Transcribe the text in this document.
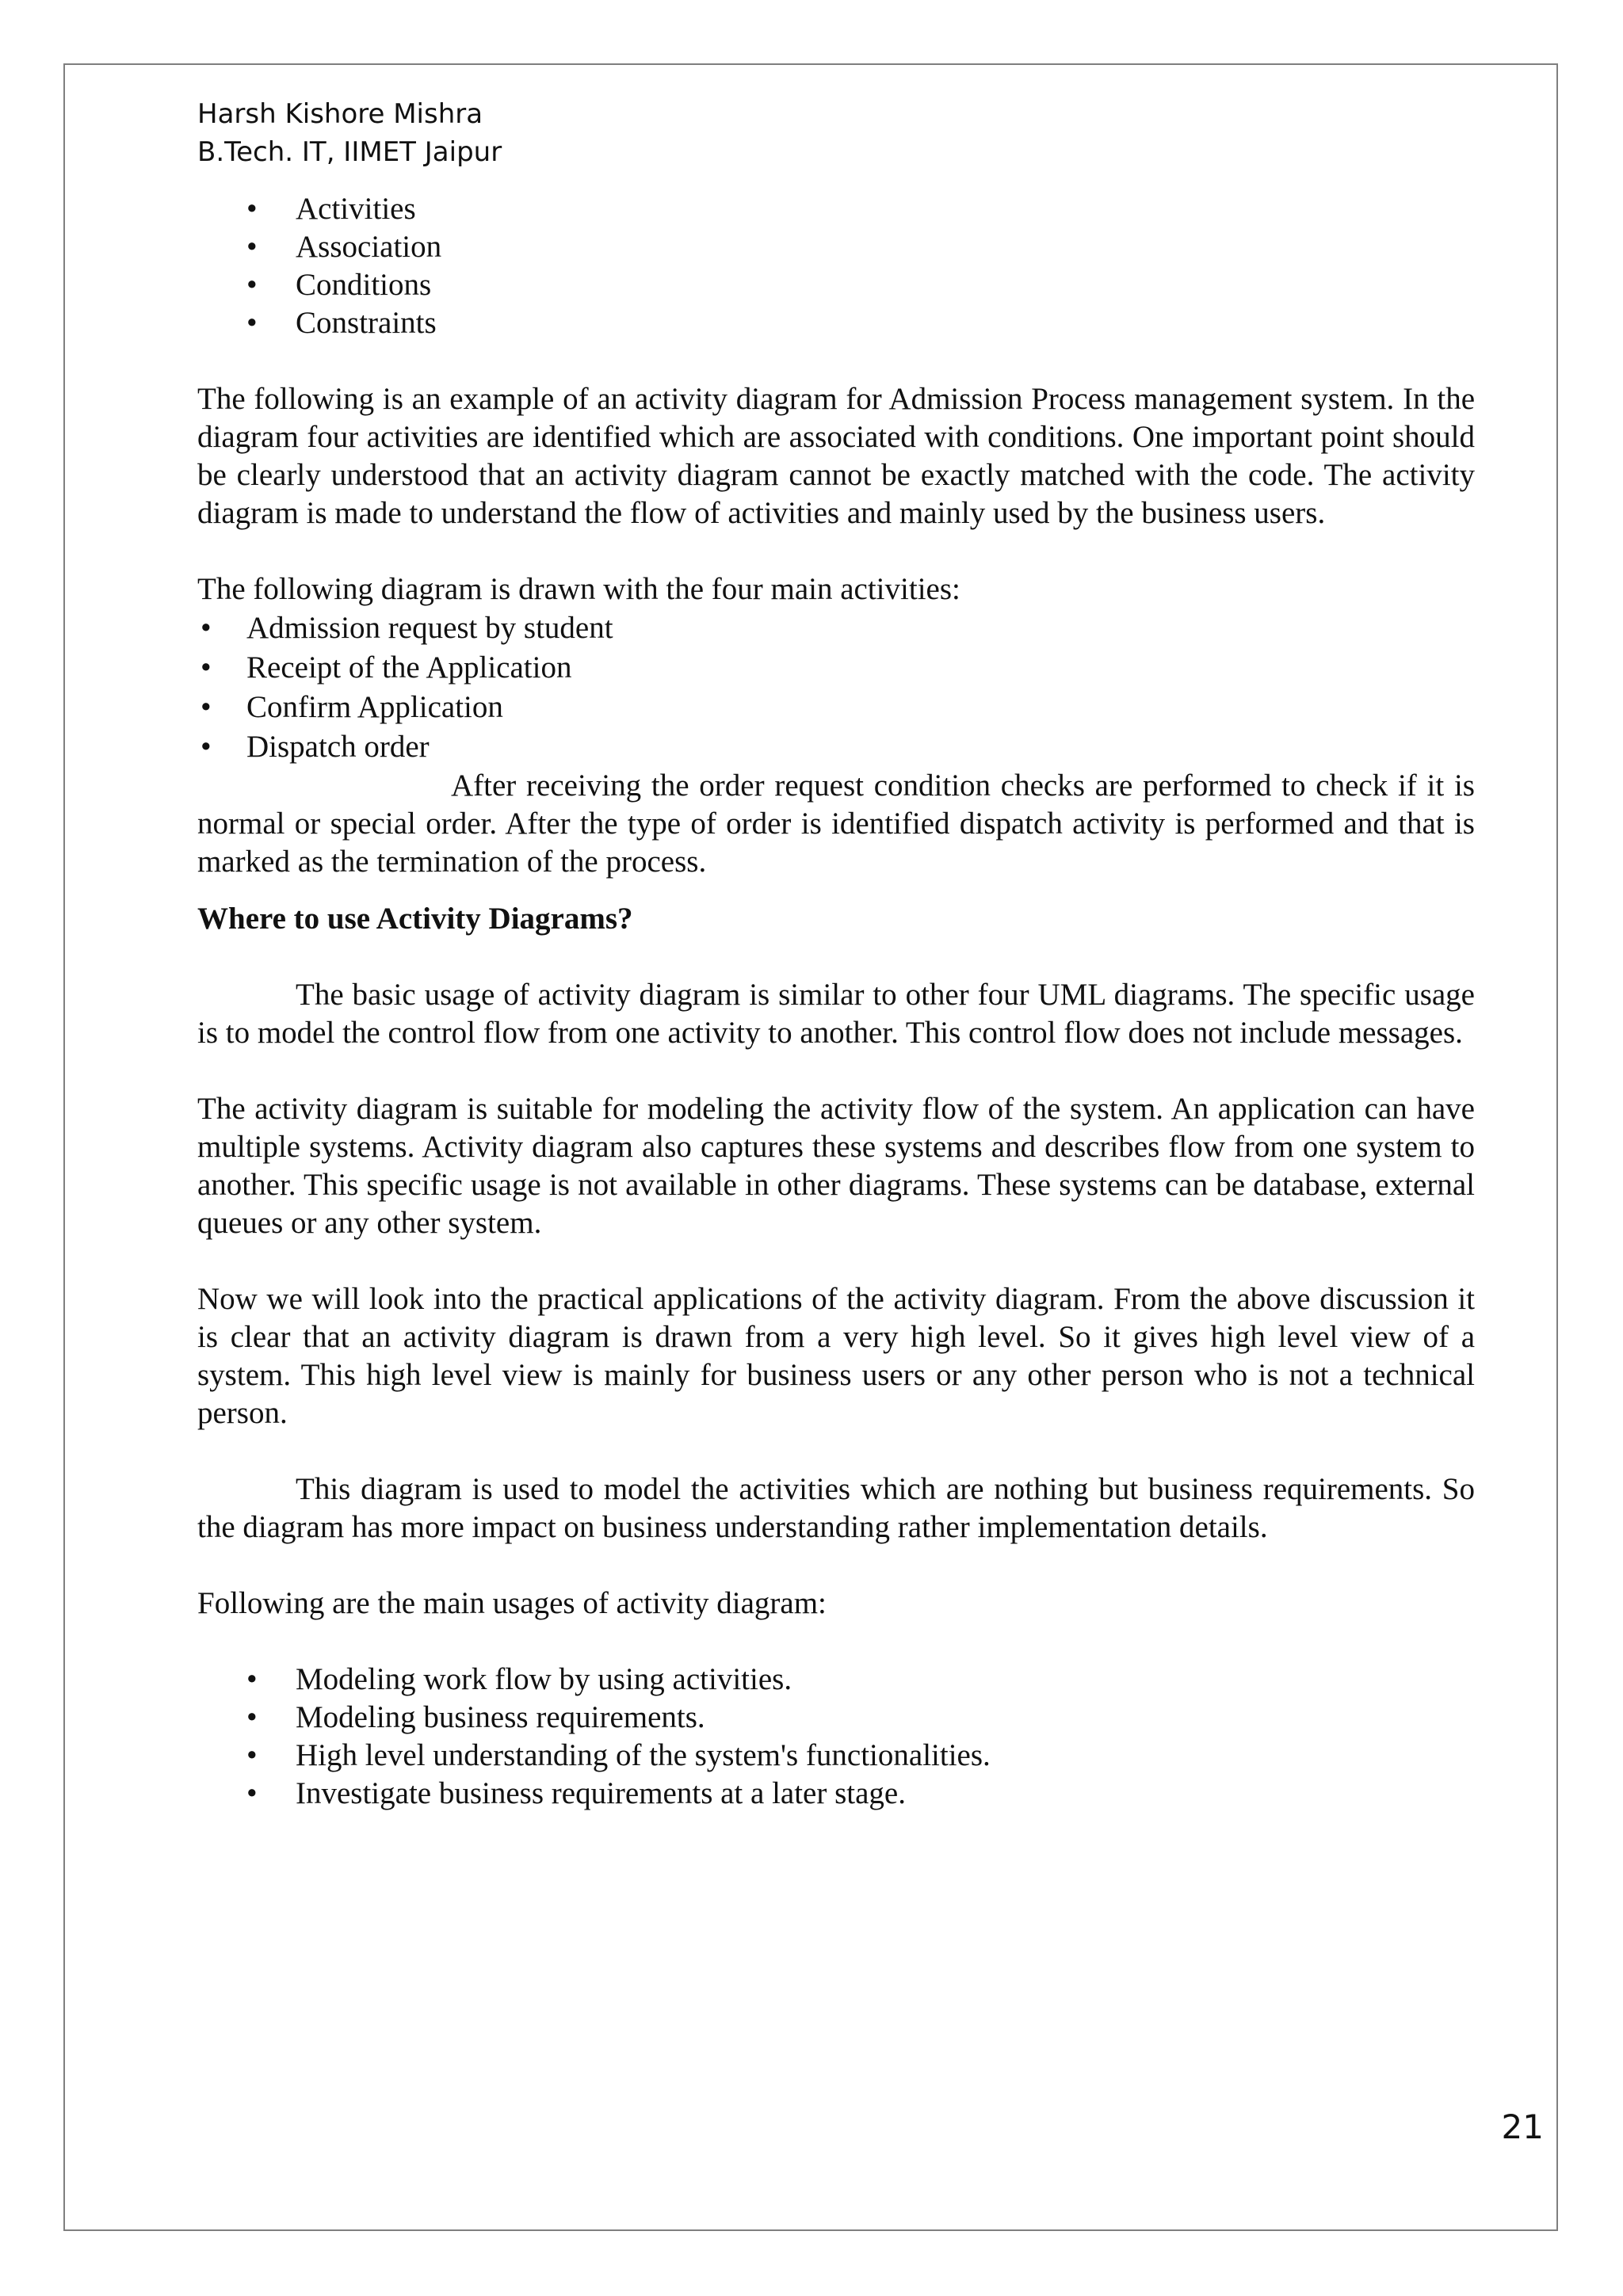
Harsh Kishore Mishra
B.Tech. IT, IIMET Jaipur
• Activities
• Association
• Conditions
• Constraints

The following is an example of an activity diagram for Admission Process management system. In the diagram four activities are identified which are associated with conditions. One important point should be clearly understood that an activity diagram cannot be exactly matched with the code. The activity diagram is made to understand the flow of activities and mainly used by the business users.

The following diagram is drawn with the four main activities:

• Admission request by student
• Receipt of the Application
• Confirm Application
• Dispatch order

After receiving the order request condition checks are performed to check if it is normal or special order. After the type of order is identified dispatch activity is performed and that is marked as the termination of the process.

Where to use Activity Diagrams?

The basic usage of activity diagram is similar to other four UML diagrams. The specific usage is to model the control flow from one activity to another. This control flow does not include messages.

The activity diagram is suitable for modeling the activity flow of the system. An application can have multiple systems. Activity diagram also captures these systems and describes flow from one system to another. This specific usage is not available in other diagrams. These systems can be database, external queues or any other system.

Now we will look into the practical applications of the activity diagram. From the above discussion it is clear that an activity diagram is drawn from a very high level. So it gives high level view of a system. This high level view is mainly for business users or any other person who is not a technical person.

This diagram is used to model the activities which are nothing but business requirements. So the diagram has more impact on business understanding rather implementation details.

Following are the main usages of activity diagram:

• Modeling work flow by using activities.
• Modeling business requirements.
• High level understanding of the system's functionalities.
• Investigate business requirements at a later stage.
21
